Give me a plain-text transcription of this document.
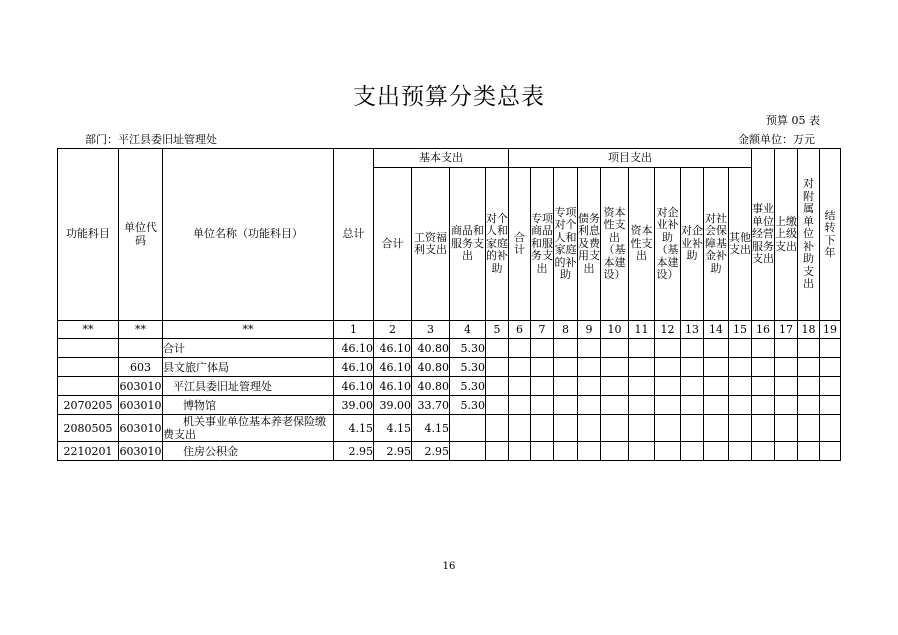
支出预算分类总表
预算 05 表
部门：平江县委旧址管理处	金额单位：万元
功能科目	单位代码	单位名称（功能科目）	总计	基本支出				项目支出										事业单位经营服务支出	上缴上级支出	对附属单位补助支出	结转下年
				合计	工资福利支出	商品和服务支出	对个人和家庭的补助	合计	专项商品和服务支出	专项对个人和家庭的补助	债务利息及费用支出	资本性支出（基本建设）	资本性支出	对企业补助（基本建设）	对企业补助	对社会保障基金补助	其他支出				
**	**	**	1	2	3	4	5	6	7	8	9	10	11	12	13	14	15	16	17	18	19
		合计	46.10	46.10	40.80	5.30															
	603	县文旅广体局	46.10	46.10	40.80	5.30															
	603010	平江县委旧址管理处	46.10	46.10	40.80	5.30															
2070205	603010	博物馆	39.00	39.00	33.70	5.30															
2080505	603010	机关事业单位基本养老保险缴费支出	4.15	4.15	4.15																
2210201	603010	住房公积金	2.95	2.95	2.95																
16
